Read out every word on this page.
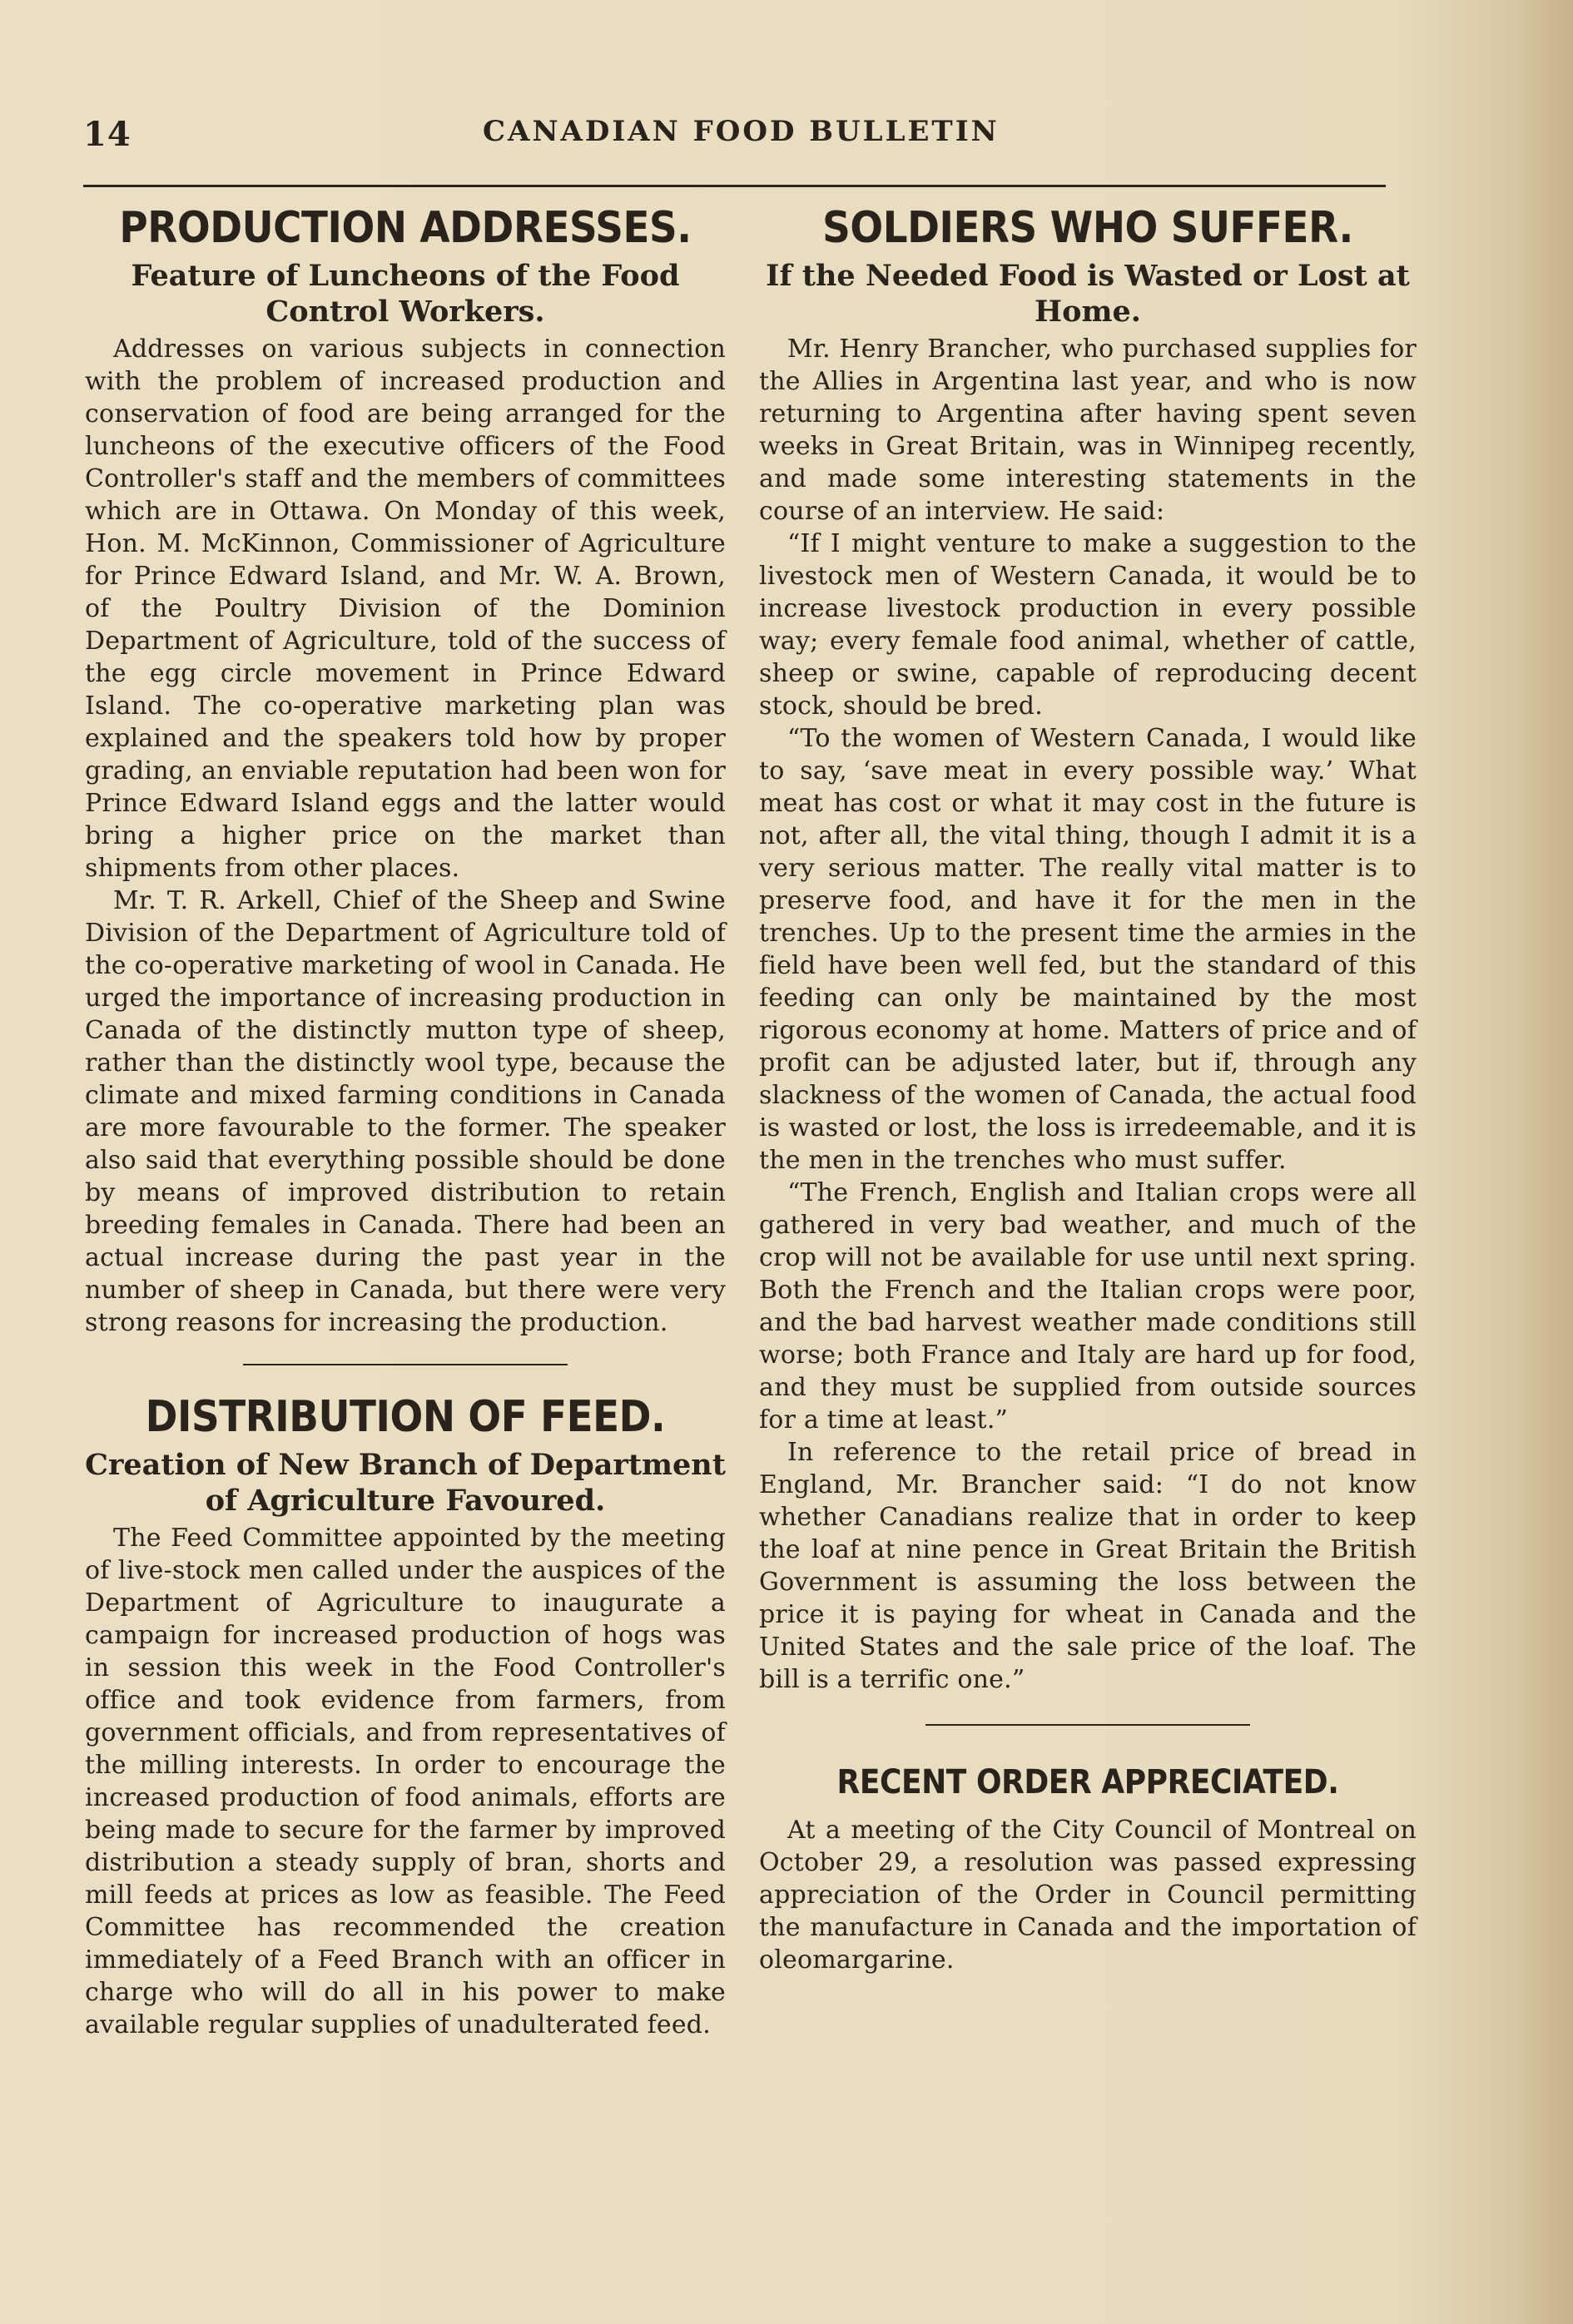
14	CANADIAN FOOD BULLETIN
PRODUCTION ADDRESSES.
Feature of Luncheons of the Food Control Workers.

Addresses on various subjects in connection with the problem of increased production and conservation of food are being arranged for the luncheons of the executive officers of the Food Controller's staff and the members of committees which are in Ottawa. On Monday of this week, Hon. M. McKinnon, Commissioner of Agriculture for Prince Edward Island, and Mr. W. A. Brown, of the Poultry Division of the Dominion Department of Agriculture, told of the success of the egg circle movement in Prince Edward Island. The co-operative marketing plan was explained and the speakers told how by proper grading, an enviable reputation had been won for Prince Edward Island eggs and the latter would bring a higher price on the market than shipments from other places.

Mr. T. R. Arkell, Chief of the Sheep and Swine Division of the Department of Agriculture told of the co-operative marketing of wool in Canada. He urged the importance of increasing production in Canada of the distinctly mutton type of sheep, rather than the distinctly wool type, because the climate and mixed farming conditions in Canada are more favourable to the former. The speaker also said that everything possible should be done by means of improved distribution to retain breeding females in Canada. There had been an actual increase during the past year in the number of sheep in Canada, but there were very strong reasons for increasing the production.

DISTRIBUTION OF FEED.
Creation of New Branch of Department of Agriculture Favoured.

The Feed Committee appointed by the meeting of live-stock men called under the auspices of the Department of Agriculture to inaugurate a campaign for increased production of hogs was in session this week in the Food Controller's office and took evidence from farmers, from government officials, and from representatives of the milling interests. In order to encourage the increased production of food animals, efforts are being made to secure for the farmer by improved distribution a steady supply of bran, shorts and mill feeds at prices as low as feasible. The Feed Committee has recommended the creation immediately of a Feed Branch with an officer in charge who will do all in his power to make available regular supplies of unadulterated feed.

SOLDIERS WHO SUFFER.
If the Needed Food is Wasted or Lost at Home.

Mr. Henry Brancher, who purchased supplies for the Allies in Argentina last year, and who is now returning to Argentina after having spent seven weeks in Great Britain, was in Winnipeg recently, and made some interesting statements in the course of an interview. He said:

“If I might venture to make a suggestion to the livestock men of Western Canada, it would be to increase livestock production in every possible way; every female food animal, whether of cattle, sheep or swine, capable of reproducing decent stock, should be bred.

“To the women of Western Canada, I would like to say, ‘save meat in every possible way.’ What meat has cost or what it may cost in the future is not, after all, the vital thing, though I admit it is a very serious matter. The really vital matter is to preserve food, and have it for the men in the trenches. Up to the present time the armies in the field have been well fed, but the standard of this feeding can only be maintained by the most rigorous economy at home. Matters of price and of profit can be adjusted later, but if, through any slackness of the women of Canada, the actual food is wasted or lost, the loss is irredeemable, and it is the men in the trenches who must suffer.

“The French, English and Italian crops were all gathered in very bad weather, and much of the crop will not be available for use until next spring. Both the French and the Italian crops were poor, and the bad harvest weather made conditions still worse; both France and Italy are hard up for food, and they must be supplied from outside sources for a time at least.”

In reference to the retail price of bread in England, Mr. Brancher said: “I do not know whether Canadians realize that in order to keep the loaf at nine pence in Great Britain the British Government is assuming the loss between the price it is paying for wheat in Canada and the United States and the sale price of the loaf. The bill is a terrific one.”

RECENT ORDER APPRECIATED.

At a meeting of the City Council of Montreal on October 29, a resolution was passed expressing appreciation of the Order in Council permitting the manufacture in Canada and the importation of oleomargarine.
